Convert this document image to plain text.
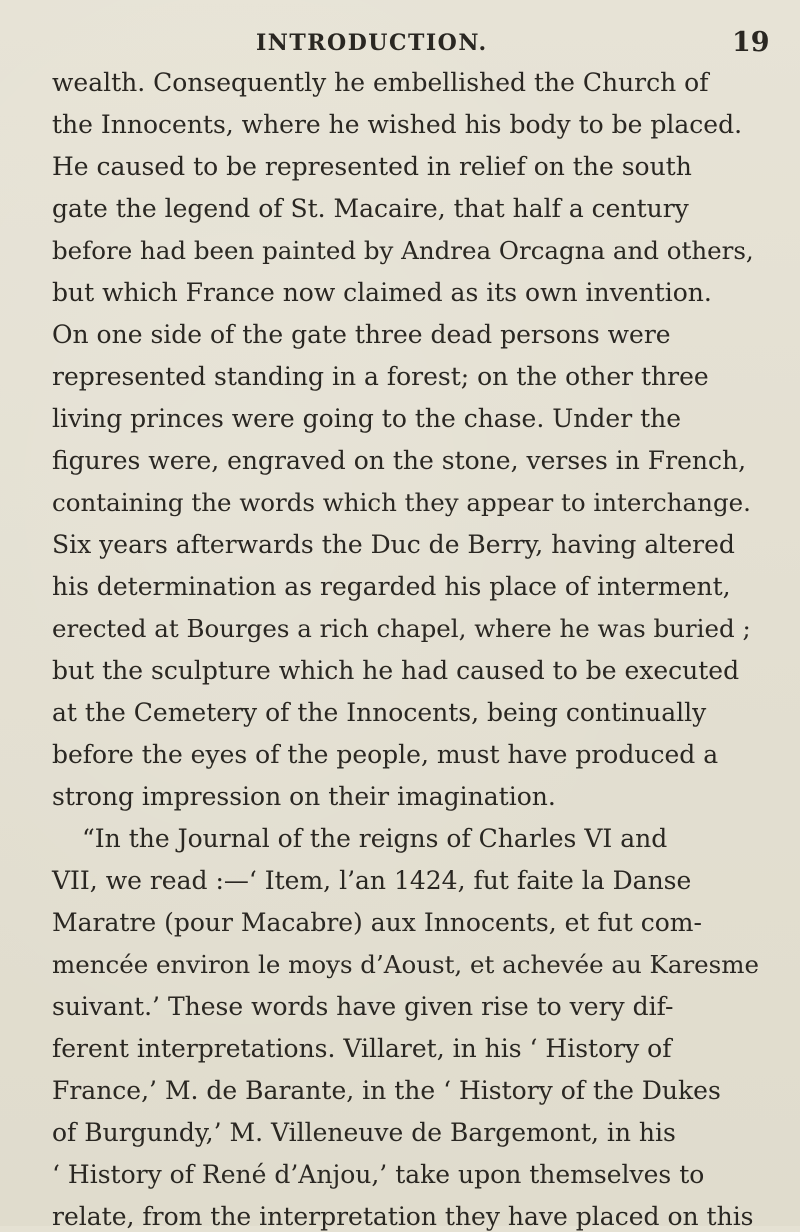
INTRODUCTION.	19
wealth. Consequently he embellished the Church of
the Innocents, where he wished his body to be placed.
He caused to be represented in relief on the south
gate the legend of St. Macaire, that half a century
before had been painted by Andrea Orcagna and others,
but which France now claimed as its own invention.
On one side of the gate three dead persons were
represented standing in a forest; on the other three
living princes were going to the chase. Under the
figures were, engraved on the stone, verses in French,
containing the words which they appear to interchange.
Six years afterwards the Duc de Berry, having altered
his determination as regarded his place of interment,
erected at Bourges a rich chapel, where he was buried ;
but the sculpture which he had caused to be executed
at the Cemetery of the Innocents, being continually
before the eyes of the people, must have produced a
strong impression on their imagination.
“In the Journal of the reigns of Charles VI and
VII, we read :—‘ Item, l’an 1424, fut faite la Danse
Maratre (pour Macabre) aux Innocents, et fut com-
mencée environ le moys d’Aoust, et achevée au Karesme
suivant.’ These words have given rise to very dif-
ferent interpretations. Villaret, in his ‘ History of
France,’ M. de Barante, in the ‘ History of the Dukes
of Burgundy,’ M. Villeneuve de Bargemont, in his
‘ History of René d’Anjou,’ take upon themselves to
relate, from the interpretation they have placed on this
